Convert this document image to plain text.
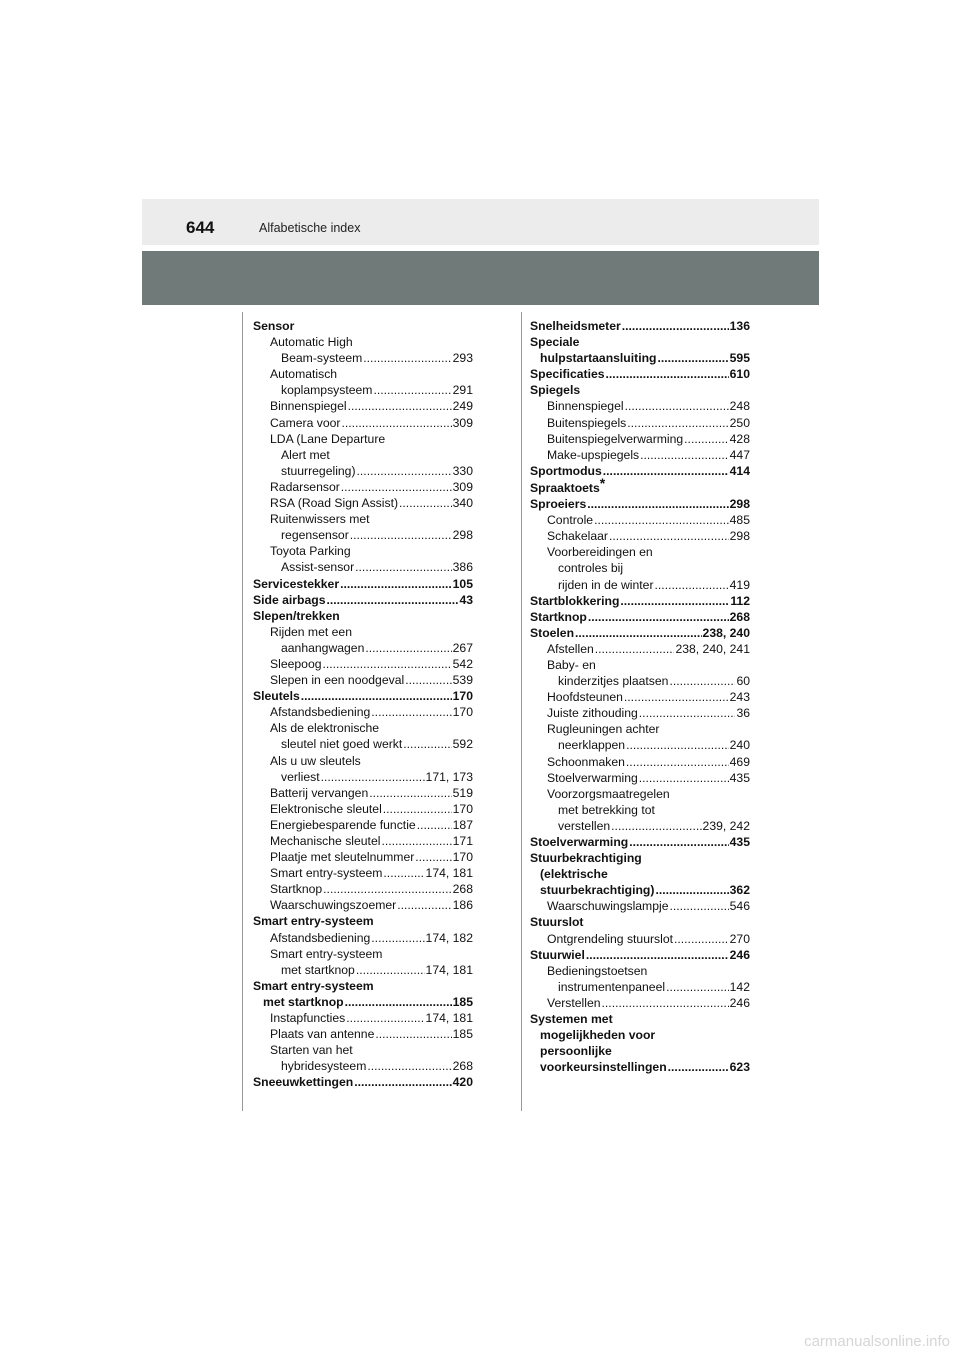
644	Alfabetische index
Sensor
Automatic High
Beam-systeem .....	293
Automatisch
koplampsysteem .....	291
Binnenspiegel .....	249
Camera voor .....	309
LDA (Lane Departure
Alert met
stuurregeling) .....	330
Radarsensor .....	309
RSA (Road Sign Assist) .....	340
Ruitenwissers met
regensensor .....	298
Toyota Parking
Assist-sensor .....	386
Servicestekker .....	105
Side airbags .....	43
Slepen/trekken
Rijden met een
aanhangwagen .....	267
Sleepoog .....	542
Slepen in een noodgeval .....	539
Sleutels .....	170
Afstandsbediening .....	170
Als de elektronische
sleutel niet goed werkt .....	592
Als u uw sleutels
verliest .....	171, 173
Batterij vervangen .....	519
Elektronische sleutel .....	170
Energiebesparende functie .....	187
Mechanische sleutel .....	171
Plaatje met sleutelnummer .....	170
Smart entry-systeem .....	174, 181
Startknop .....	268
Waarschuwingszoemer .....	186
Smart entry-systeem
Afstandsbediening .....	174, 182
Smart entry-systeem
met startknop .....	174, 181
Smart entry-systeem
met startknop .....	185
Instapfuncties .....	174, 181
Plaats van antenne .....	185
Starten van het
hybridesysteem .....	268
Sneeuwkettingen .....	420
Snelheidsmeter .....	136
Speciale
hulpstartaansluiting .....	595
Specificaties .....	610
Spiegels
Binnenspiegel .....	248
Buitenspiegels .....	250
Buitenspiegelverwarming .....	428
Make-upspiegels .....	447
Sportmodus .....	414
Spraaktoets *
Sproeiers .....	298
Controle .....	485
Schakelaar .....	298
Voorbereidingen en
controles bij
rijden in de winter .....	419
Startblokkering .....	112
Startknop .....	268
Stoelen .....	238, 240
Afstellen .....	238, 240, 241
Baby- en
kinderzitjes plaatsen .....	60
Hoofdsteunen .....	243
Juiste zithouding .....	36
Rugleuningen achter
neerklappen .....	240
Schoonmaken .....	469
Stoelverwarming .....	435
Voorzorgsmaatregelen
met betrekking tot
verstellen .....	239, 242
Stoelverwarming .....	435
Stuurbekrachtiging
(elektrische
stuurbekrachtiging) .....	362
Waarschuwingslampje .....	546
Stuurslot
Ontgrendeling stuurslot .....	270
Stuurwiel .....	246
Bedieningstoetsen
instrumentenpaneel .....	142
Verstellen .....	246
Systemen met
mogelijkheden voor
persoonlijke
voorkeursinstellingen .....	623
carmanualsonline.info
